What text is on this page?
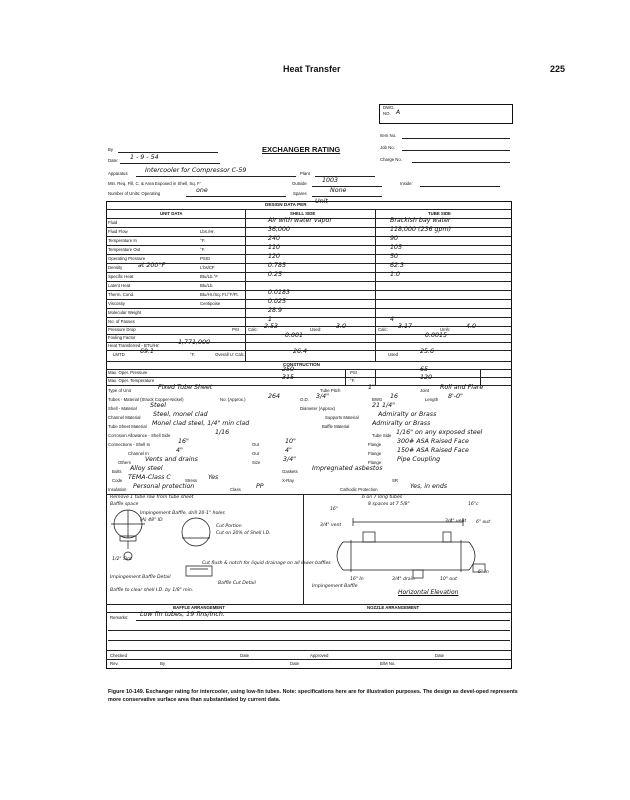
Heat Transfer	225
DWG.
NO. A
EXCHANGER RATING
By
Item No.
Job No.
Charge No.
Date: 1 - 9 - 54
Apparatus	Intercooler for Compressor C-59	Plant
Min. Req. Fill, C. & Area Exposed in Shell, Sq. F'	Outside 1003	Inside:
Number of Units: Operating	one	Spares	None
DESIGN DATA PER Unit
UNIT DATA	SHELL SIDE	TUBE SIDE
Fluid	Air with water vapor	Brackish bay water
Fluid Flow	Lbs./Hr.	36,000	118,000 (236 gpm)
Temperature In	°F.	240	90
Temperature Out	°F.	110	105
Operating Pressure	PSIG	120	50
Density	L'bs/CF	0.785	62.3
at 200°F
Specific Heat	Btu/Lb.°F	0.25	1.0
Latent Heat	Btu/Lb.
Therm. Cond.	Btu/Hr./Sq. Ft./°F/Ft.	0.0183
Viscosity	Centipoise	0.025
Molecular Weight	28.9
No. of Passes	1	4
Pressure Drop	PSI Calc: 2.53	Used: 3.0	Calc: 3.17	Umh: 4.0
Fouling Factor	0.001	0.0015
Heat Transferred - BTU/Hr:	1,771,000
LMTD 69.1	°F.	Overall U: Calc.	26.4	Used	25.6
CONSTRUCTION
Max. Oper. Pressure	250	PSI	65
Max. Oper. Temperature	315	°F.	120
Type of Unit	Fixed Tube Sheet	Tube Pitch	1"	Joint Roll and Flare
Tubes - Material (Struck Copper-Nickel)	No. (Approx.)	264	O.D. 3/4"	BWG 16	Length 8'-0"
Shell - Material Steel	Diameter (Approx)	21 1/4"
Channel Material Steel, monel clad	Supports Material	Admiralty or Brass
Tube Sheet Material Monel clad steel, 1/4" min clad	Baffle Material	Admiralty or Brass
Corrosion Allowance - Shell Side	1/16	Tube Side 1/16" on any exposed steel
Connections - Shell In	16"	Out	10"	Flange	300# ASA Raised Face
Channel In	4"	Out	4"	Flange	150# ASA Raised Face
Others Vents and drains	Size	3/4"	Flange	Pipe Coupling
Bolts Alloy steel	Gaskets Impregnated asbestos
Code TEMA-Class C	Stress Yes	X-Ray	SR
Insulation Personal protection	Class PP	Cathodic Protection	Yes, in ends
Remove 1 tube row from tube sheet
Baffle space
Impingement Baffle, drill 20-1" holes
(A) 48" ID
Cut Portion
Cut on 20% of Shell I.D.
1/2" Slot
Impingement Baffle Detail
Baffle to clear shell I.D. by 1/8" min.
Cut flush & notch for liquid drainage on all lower baffles
Baffle Cut Detail
BAFFLE ARRANGEMENT
6 on 7 long tubes
8 spaces at 7 5/8"
16"
16"c
3/4" vent
3/4" vent 6" out
16" In	3/4" drain	10" out
6" In
Impingement Baffle
Horizontal Elevation
NOZZLE ARRANGEMENT
Remarks: Low fin tubes, 19 fins/inch.
Checked	Date	Approved	Date
Rev.	By	Date	B/M No.
Figure 10-149. Exchanger rating for intercooler, using low-fin tubes. Note: specifications here are for illustration purposes. The design as devel-oped represents more conservative surface area than substantiated by current data.
